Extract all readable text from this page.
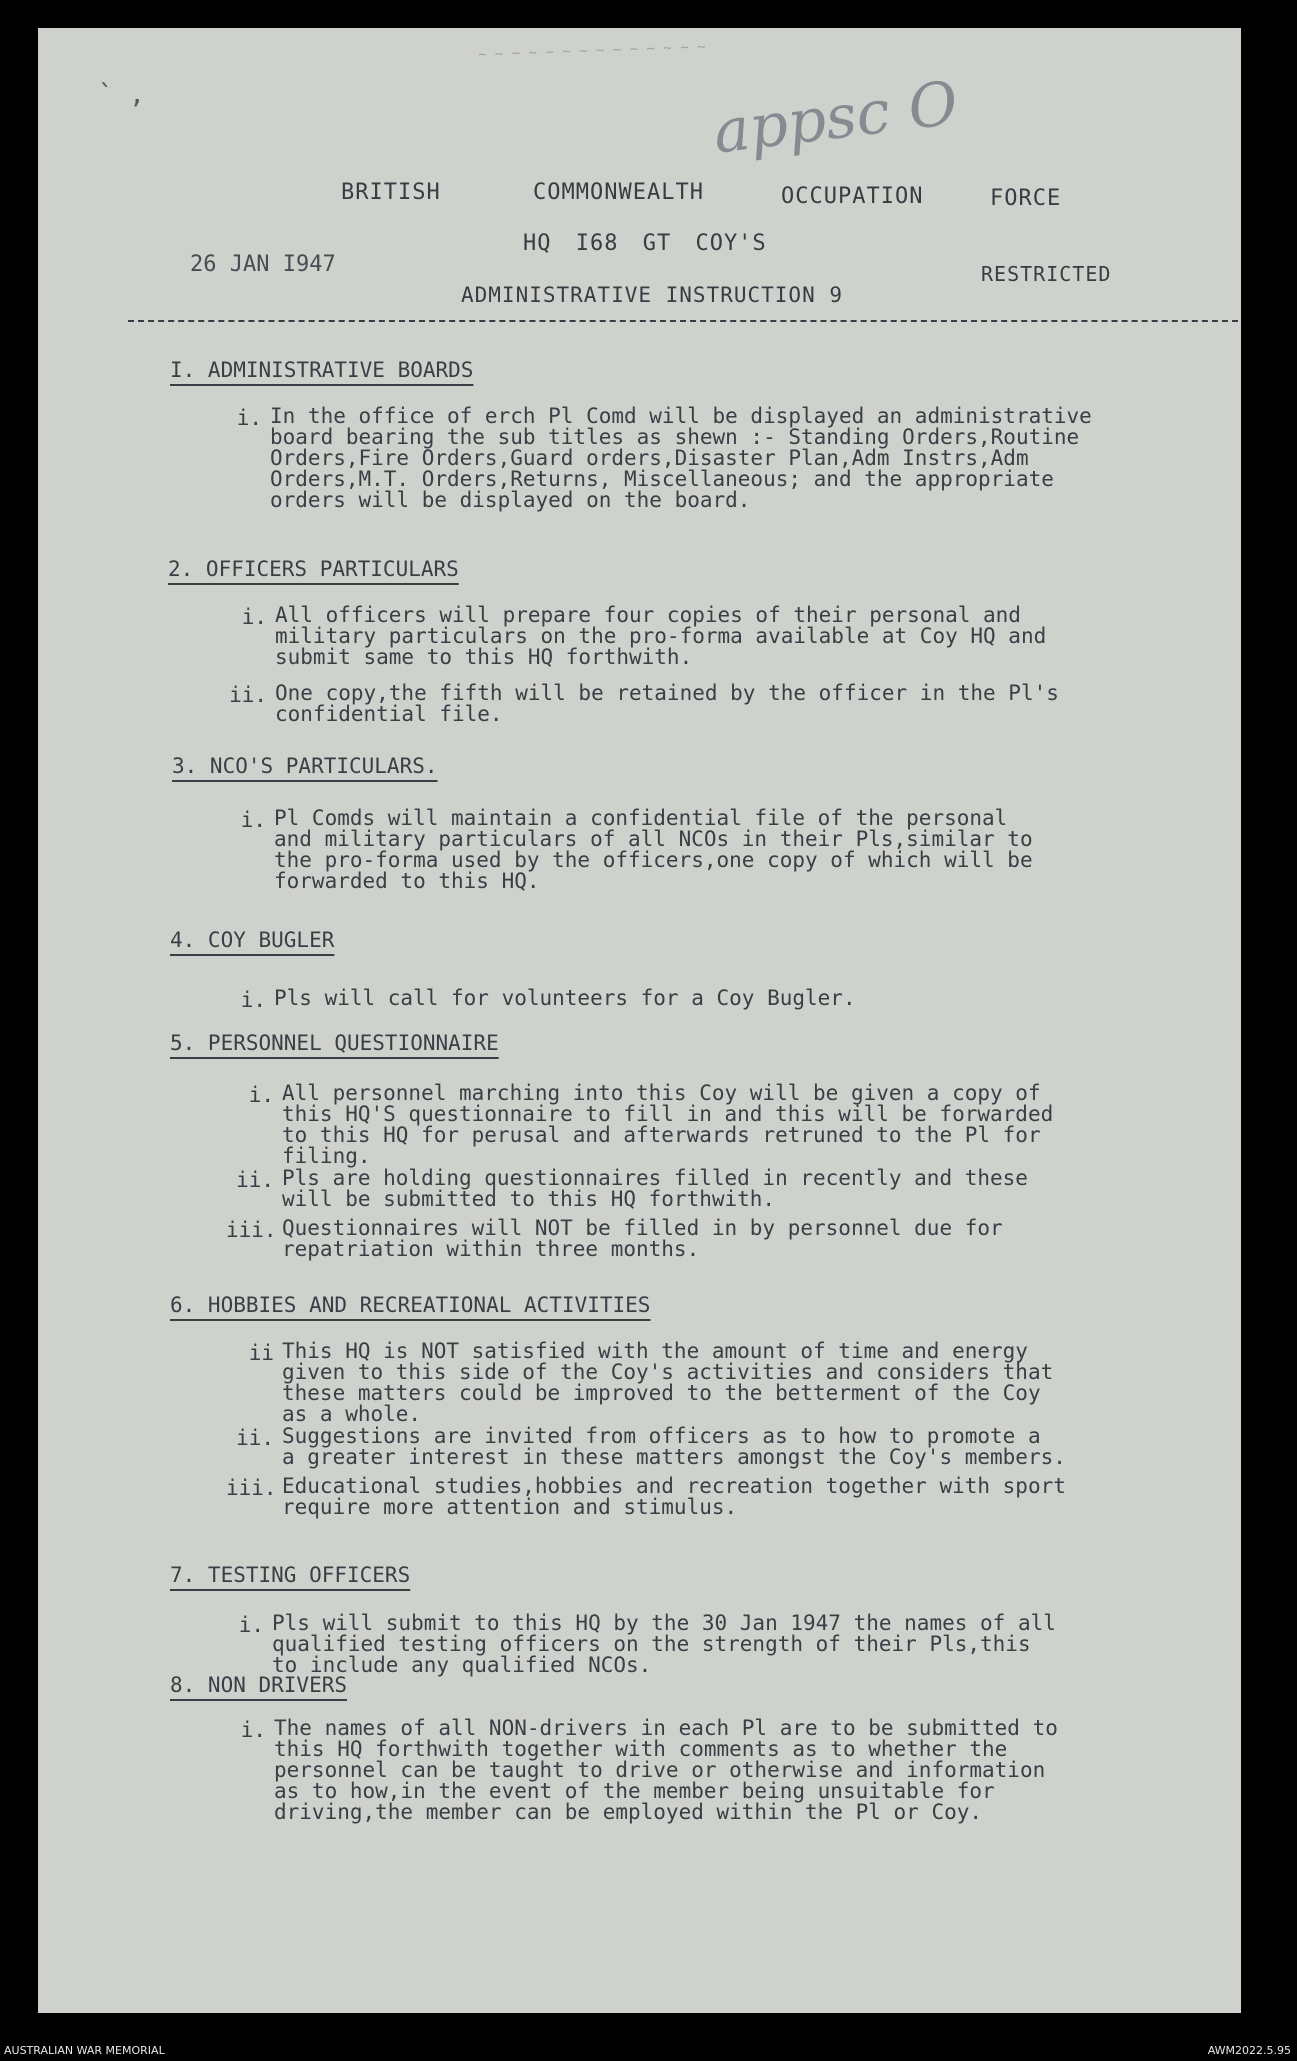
~ ~ ~ ~ ~ ~ ~ ~ ~ ~ ~ ~ ~ ~
` ,	appsc O
BRITISH	COMMONWEALTH	OCCUPATION	FORCE
HQ I68 GT COY'S
26 JAN I947
ADMINISTRATIVE INSTRUCTION 9
RESTRICTED
I. ADMINISTRATIVE BOARDS
i. In the office of erch Pl Comd will be displayed an administrative
board bearing the sub titles as shewn :- Standing Orders,Routine
Orders,Fire Orders,Guard orders,Disaster Plan,Adm Instrs,Adm
Orders,M.T. Orders,Returns, Miscellaneous; and the appropriate
orders will be displayed on the board.
2. OFFICERS PARTICULARS
i. All officers will prepare four copies of their personal and
military particulars on the pro-forma available at Coy HQ and
submit same to this HQ forthwith.
ii. One copy,the fifth will be retained by the officer in the Pl's
confidential file.
3. NCO'S PARTICULARS.
i. Pl Comds will maintain a confidential file of the personal
and military particulars of all NCOs in their Pls,similar to
the pro-forma used by the officers,one copy of which will be
forwarded to this HQ.
4. COY BUGLER
i. Pls will call for volunteers for a Coy Bugler.
5. PERSONNEL QUESTIONNAIRE
i. All personnel marching into this Coy will be given a copy of
this HQ'S questionnaire to fill in and this will be forwarded
to this HQ for perusal and afterwards retruned to the Pl for
filing.
ii. Pls are holding questionnaires filled in recently and these
will be submitted to this HQ forthwith.
iii. Questionnaires will NOT be filled in by personnel due for
repatriation within three months.
6. HOBBIES AND RECREATIONAL ACTIVITIES
ii This HQ is NOT satisfied with the amount of time and energy
given to this side of the Coy's activities and considers that
these matters could be improved to the betterment of the Coy
as a whole.
ii. Suggestions are invited from officers as to how to promote a
a greater interest in these matters amongst the Coy's members.
iii. Educational studies,hobbies and recreation together with sport
require more attention and stimulus.
7. TESTING OFFICERS
i. Pls will submit to this HQ by the 30 Jan 1947 the names of all
qualified testing officers on the strength of their Pls,this
to include any qualified NCOs.
8. NON DRIVERS
i. The names of all NON-drivers in each Pl are to be submitted to
this HQ forthwith together with comments as to whether the
personnel can be taught to drive or otherwise and information
as to how,in the event of the member being unsuitable for
driving,the member can be employed within the Pl or Coy.
AUSTRALIAN WAR MEMORIAL	AWM2022.5.95
